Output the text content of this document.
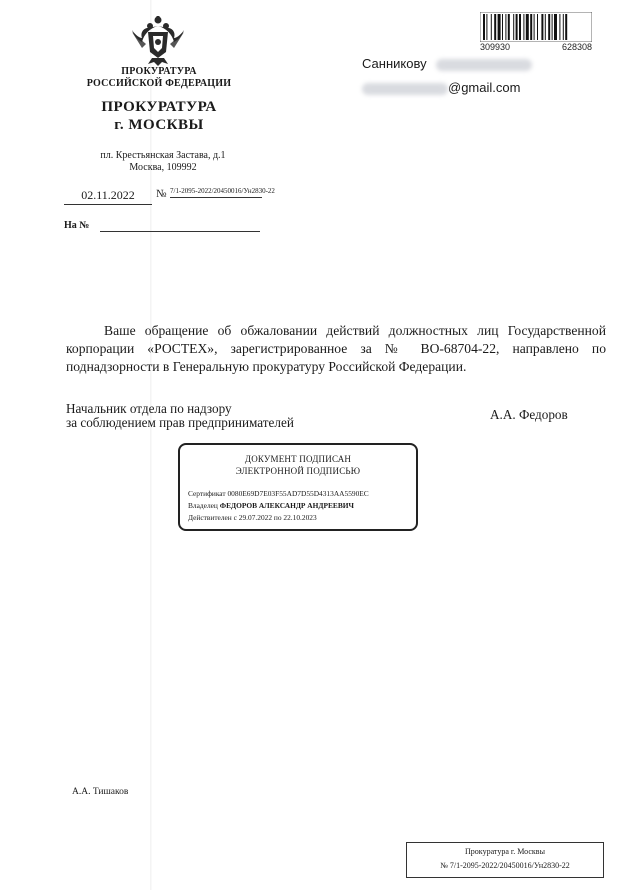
ПРОКУРАТУРА
РОССИЙСКОЙ ФЕДЕРАЦИИ
ПРОКУРАТУРА
г. МОСКВЫ
пл. Крестьянская Застава, д.1
Москва, 109992
02.11.2022	№ 7/1-2095-2022/20450016/Ун2830-22
На №
309930	628308
Санникову
@gmail.com
Ваше обращение об обжаловании действий должностных лиц Государственной корпорации «РОСТЕХ», зарегистрированное за № ВО-68704-22, направлено по поднадзорности в Генеральную прокуратуру Российской Федерации.
Начальник отдела по надзору
за соблюдением прав предпринимателей
А.А. Федоров
ДОКУМЕНТ ПОДПИСАН
ЭЛЕКТРОННОЙ ПОДПИСЬЮ
Сертификат 0080E69D7E03F55AD7D55D4313AA5590EC
Владелец ФЕДОРОВ АЛЕКСАНДР АНДРЕЕВИЧ
Действителен с 29.07.2022 по 22.10.2023
А.А. Тишаков
Прокуратура г. Москвы
№ 7/1-2095-2022/20450016/Ун2830-22
